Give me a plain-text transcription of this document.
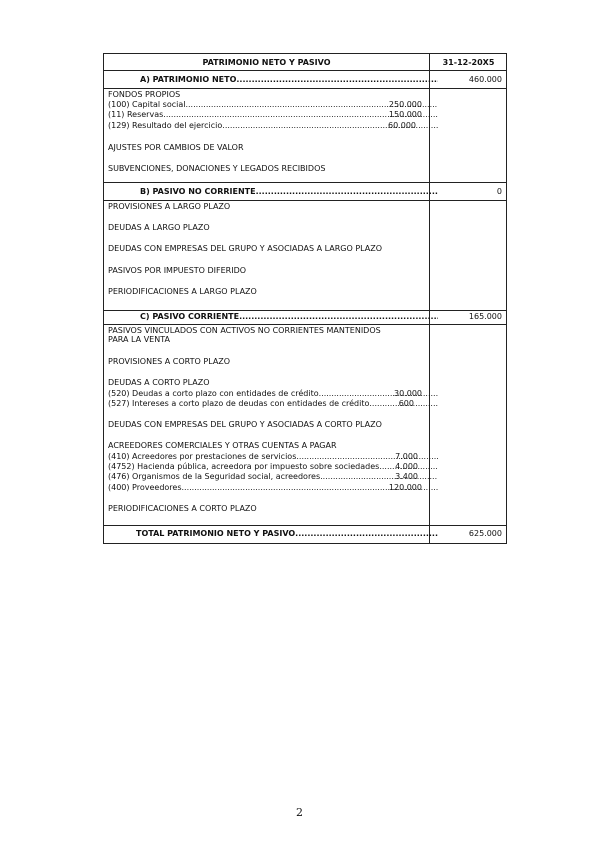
PATRIMONIO NETO Y PASIVO	31-12-20X5
A) PATRIMONIO NETO .....	460.000
FONDOS PROPIOS
(100) Capital social .....	250.000
(11) Reservas .....	150.000
(129) Resultado del ejercicio .....	60.000
AJUSTES POR CAMBIOS DE VALOR
SUBVENCIONES, DONACIONES Y LEGADOS RECIBIDOS
B) PASIVO NO CORRIENTE .....	0
PROVISIONES A LARGO PLAZO
DEUDAS A LARGO PLAZO
DEUDAS CON EMPRESAS DEL GRUPO Y ASOCIADAS A LARGO PLAZO
PASIVOS POR IMPUESTO DIFERIDO
PERIODIFICACIONES A LARGO PLAZO
C) PASIVO CORRIENTE .....	165.000
PASIVOS VINCULADOS CON ACTIVOS NO CORRIENTES MANTENIDOS
PARA LA VENTA
PROVISIONES A CORTO PLAZO
DEUDAS A CORTO PLAZO
(520) Deudas a corto plazo con entidades de crédito .....	30.000
(527) Intereses a corto plazo de deudas con entidades de crédito .....	600
DEUDAS CON EMPRESAS DEL GRUPO Y ASOCIADAS A CORTO PLAZO
ACREEDORES COMERCIALES Y OTRAS CUENTAS A PAGAR
(410) Acreedores por prestaciones de servicios .....	7.000
(4752) Hacienda pública, acreedora por impuesto sobre sociedades .....	4.000
(476) Organismos de la Seguridad social, acreedores .....	3.400
(400) Proveedores .....	120.000
PERIODIFICACIONES A CORTO PLAZO
TOTAL PATRIMONIO NETO Y PASIVO .....	625.000
2
